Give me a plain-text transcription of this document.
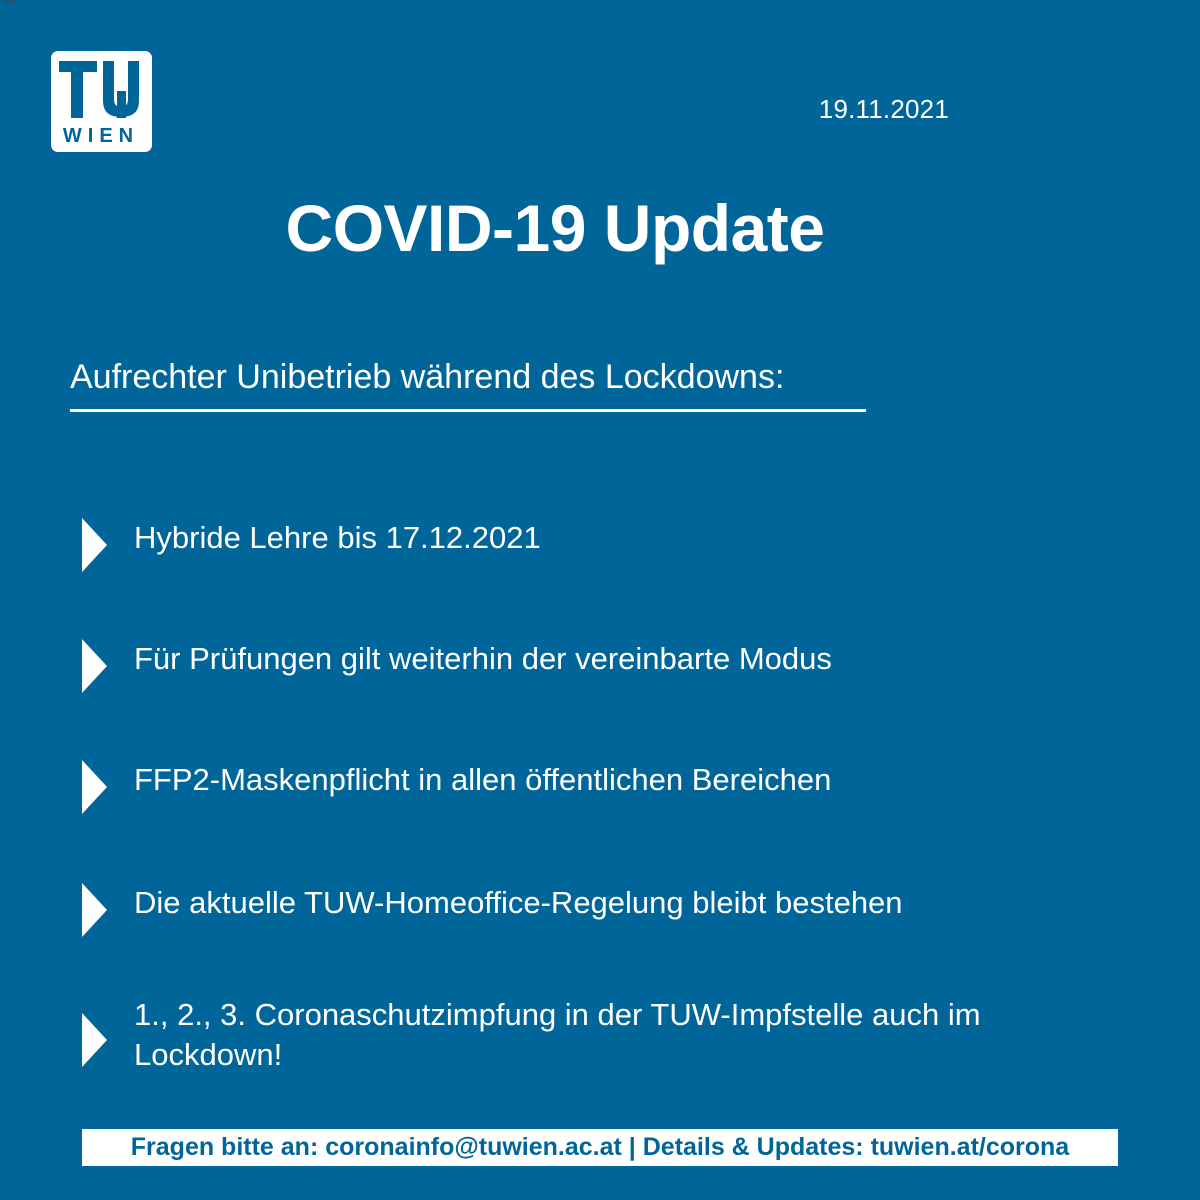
5844
WIEN
19.11.2021
COVID-19 Update
Aufrechter Unibetrieb während des Lockdowns:
Hybride Lehre bis 17.12.2021
Für Prüfungen gilt weiterhin der vereinbarte Modus
FFP2-Maskenpflicht in allen öffentlichen Bereichen
Die aktuelle TUW-Homeoffice-Regelung bleibt bestehen
1., 2., 3. Coronaschutzimpfung in der TUW-Impfstelle auch im Lockdown!
Fragen bitte an: coronainfo@tuwien.ac.at | Details & Updates: tuwien.at/corona
